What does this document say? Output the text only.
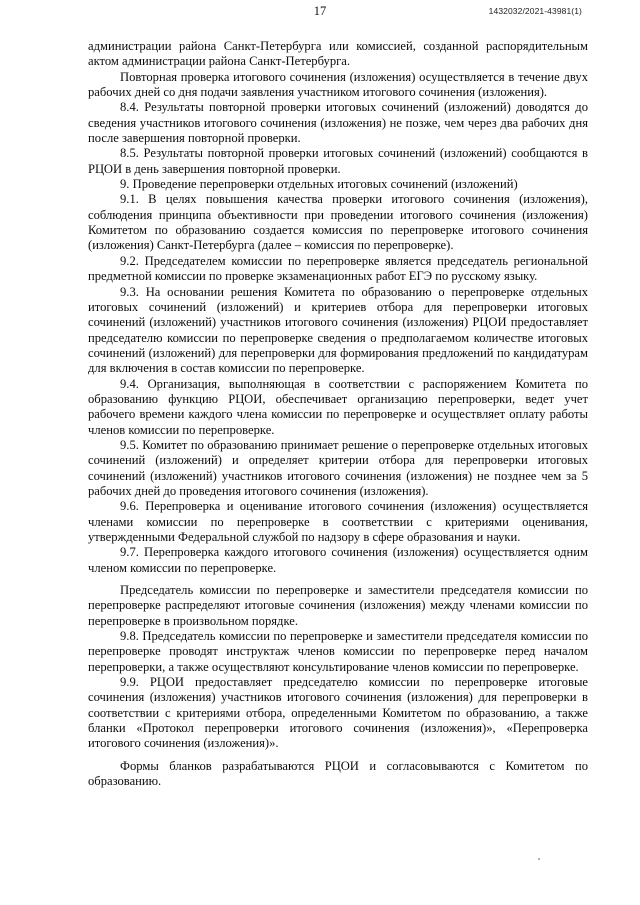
17	1432032/2021-43981(1)

администрации района Санкт-Петербурга или комиссией, созданной распорядительным актом администрации района Санкт-Петербурга.

Повторная проверка итогового сочинения (изложения) осуществляется в течение двух рабочих дней со дня подачи заявления участником итогового сочинения (изложения).

8.4. Результаты повторной проверки итоговых сочинений (изложений) доводятся до сведения участников итогового сочинения (изложения) не позже, чем через два рабочих дня после завершения повторной проверки.

8.5. Результаты повторной проверки итоговых сочинений (изложений) сообщаются в РЦОИ в день завершения повторной проверки.

9. Проведение перепроверки отдельных итоговых сочинений (изложений)

9.1. В целях повышения качества проверки итогового сочинения (изложения), соблюдения принципа объективности при проведении итогового сочинения (изложения) Комитетом по образованию создается комиссия по перепроверке итогового сочинения (изложения) Санкт-Петербурга (далее – комиссия по перепроверке).

9.2. Председателем комиссии по перепроверке является председатель региональной предметной комиссии по проверке экзаменационных работ ЕГЭ по русскому языку.

9.3. На основании решения Комитета по образованию о перепроверке отдельных итоговых сочинений (изложений) и критериев отбора для перепроверки итоговых сочинений (изложений) участников итогового сочинения (изложения) РЦОИ предоставляет председателю комиссии по перепроверке сведения о предполагаемом количестве итоговых сочинений (изложений) для перепроверки для формирования предложений по кандидатурам для включения в состав комиссии по перепроверке.

9.4. Организация, выполняющая в соответствии с распоряжением Комитета по образованию функцию РЦОИ, обеспечивает организацию перепроверки, ведет учет рабочего времени каждого члена комиссии по перепроверке и осуществляет оплату работы членов комиссии по перепроверке.

9.5. Комитет по образованию принимает решение о перепроверке отдельных итоговых сочинений (изложений) и определяет критерии отбора для перепроверки итоговых сочинений (изложений) участников итогового сочинения (изложения) не позднее чем за 5 рабочих дней до проведения итогового сочинения (изложения).

9.6. Перепроверка и оценивание итогового сочинения (изложения) осуществляется членами комиссии по перепроверке в соответствии с критериями оценивания, утвержденными Федеральной службой по надзору в сфере образования и науки.

9.7. Перепроверка каждого итогового сочинения (изложения) осуществляется одним членом комиссии по перепроверке.

Председатель комиссии по перепроверке и заместители председателя комиссии по перепроверке распределяют итоговые сочинения (изложения) между членами комиссии по перепроверке в произвольном порядке.

9.8. Председатель комиссии по перепроверке и заместители председателя комиссии по перепроверке проводят инструктаж членов комиссии по перепроверке перед началом перепроверки, а также осуществляют консультирование членов комиссии по перепроверке.

9.9. РЦОИ предоставляет председателю комиссии по перепроверке итоговые сочинения (изложения) участников итогового сочинения (изложения) для перепроверки в соответствии с критериями отбора, определенными Комитетом по образованию, а также бланки «Протокол перепроверки итогового сочинения (изложения)», «Перепроверка итогового сочинения (изложения)».

Формы бланков разрабатываются РЦОИ и согласовываются с Комитетом по образованию.
